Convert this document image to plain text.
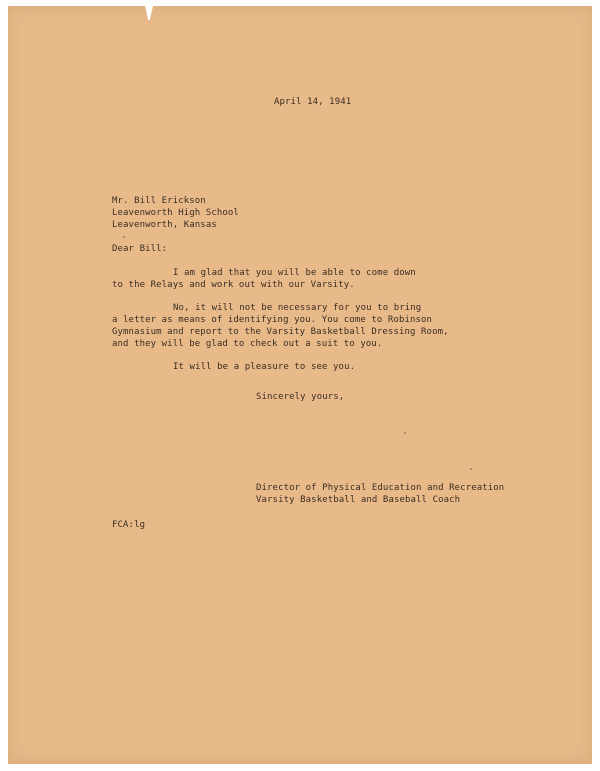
April 14, 1941
Mr. Bill Erickson
Leavenworth High School
Leavenworth, Kansas
Dear Bill:
I am glad that you will be able to come down
to the Relays and work out with our Varsity.
No, it will not be necessary for you to bring
a letter as means of identifying you. You come to Robinson
Gymnasium and report to the Varsity Basketball Dressing Room,
and they will be glad to check out a suit to you.
It will be a pleasure to see you.
Sincerely yours,
Director of Physical Education and Recreation
Varsity Basketball and Baseball Coach
FCA:lg
